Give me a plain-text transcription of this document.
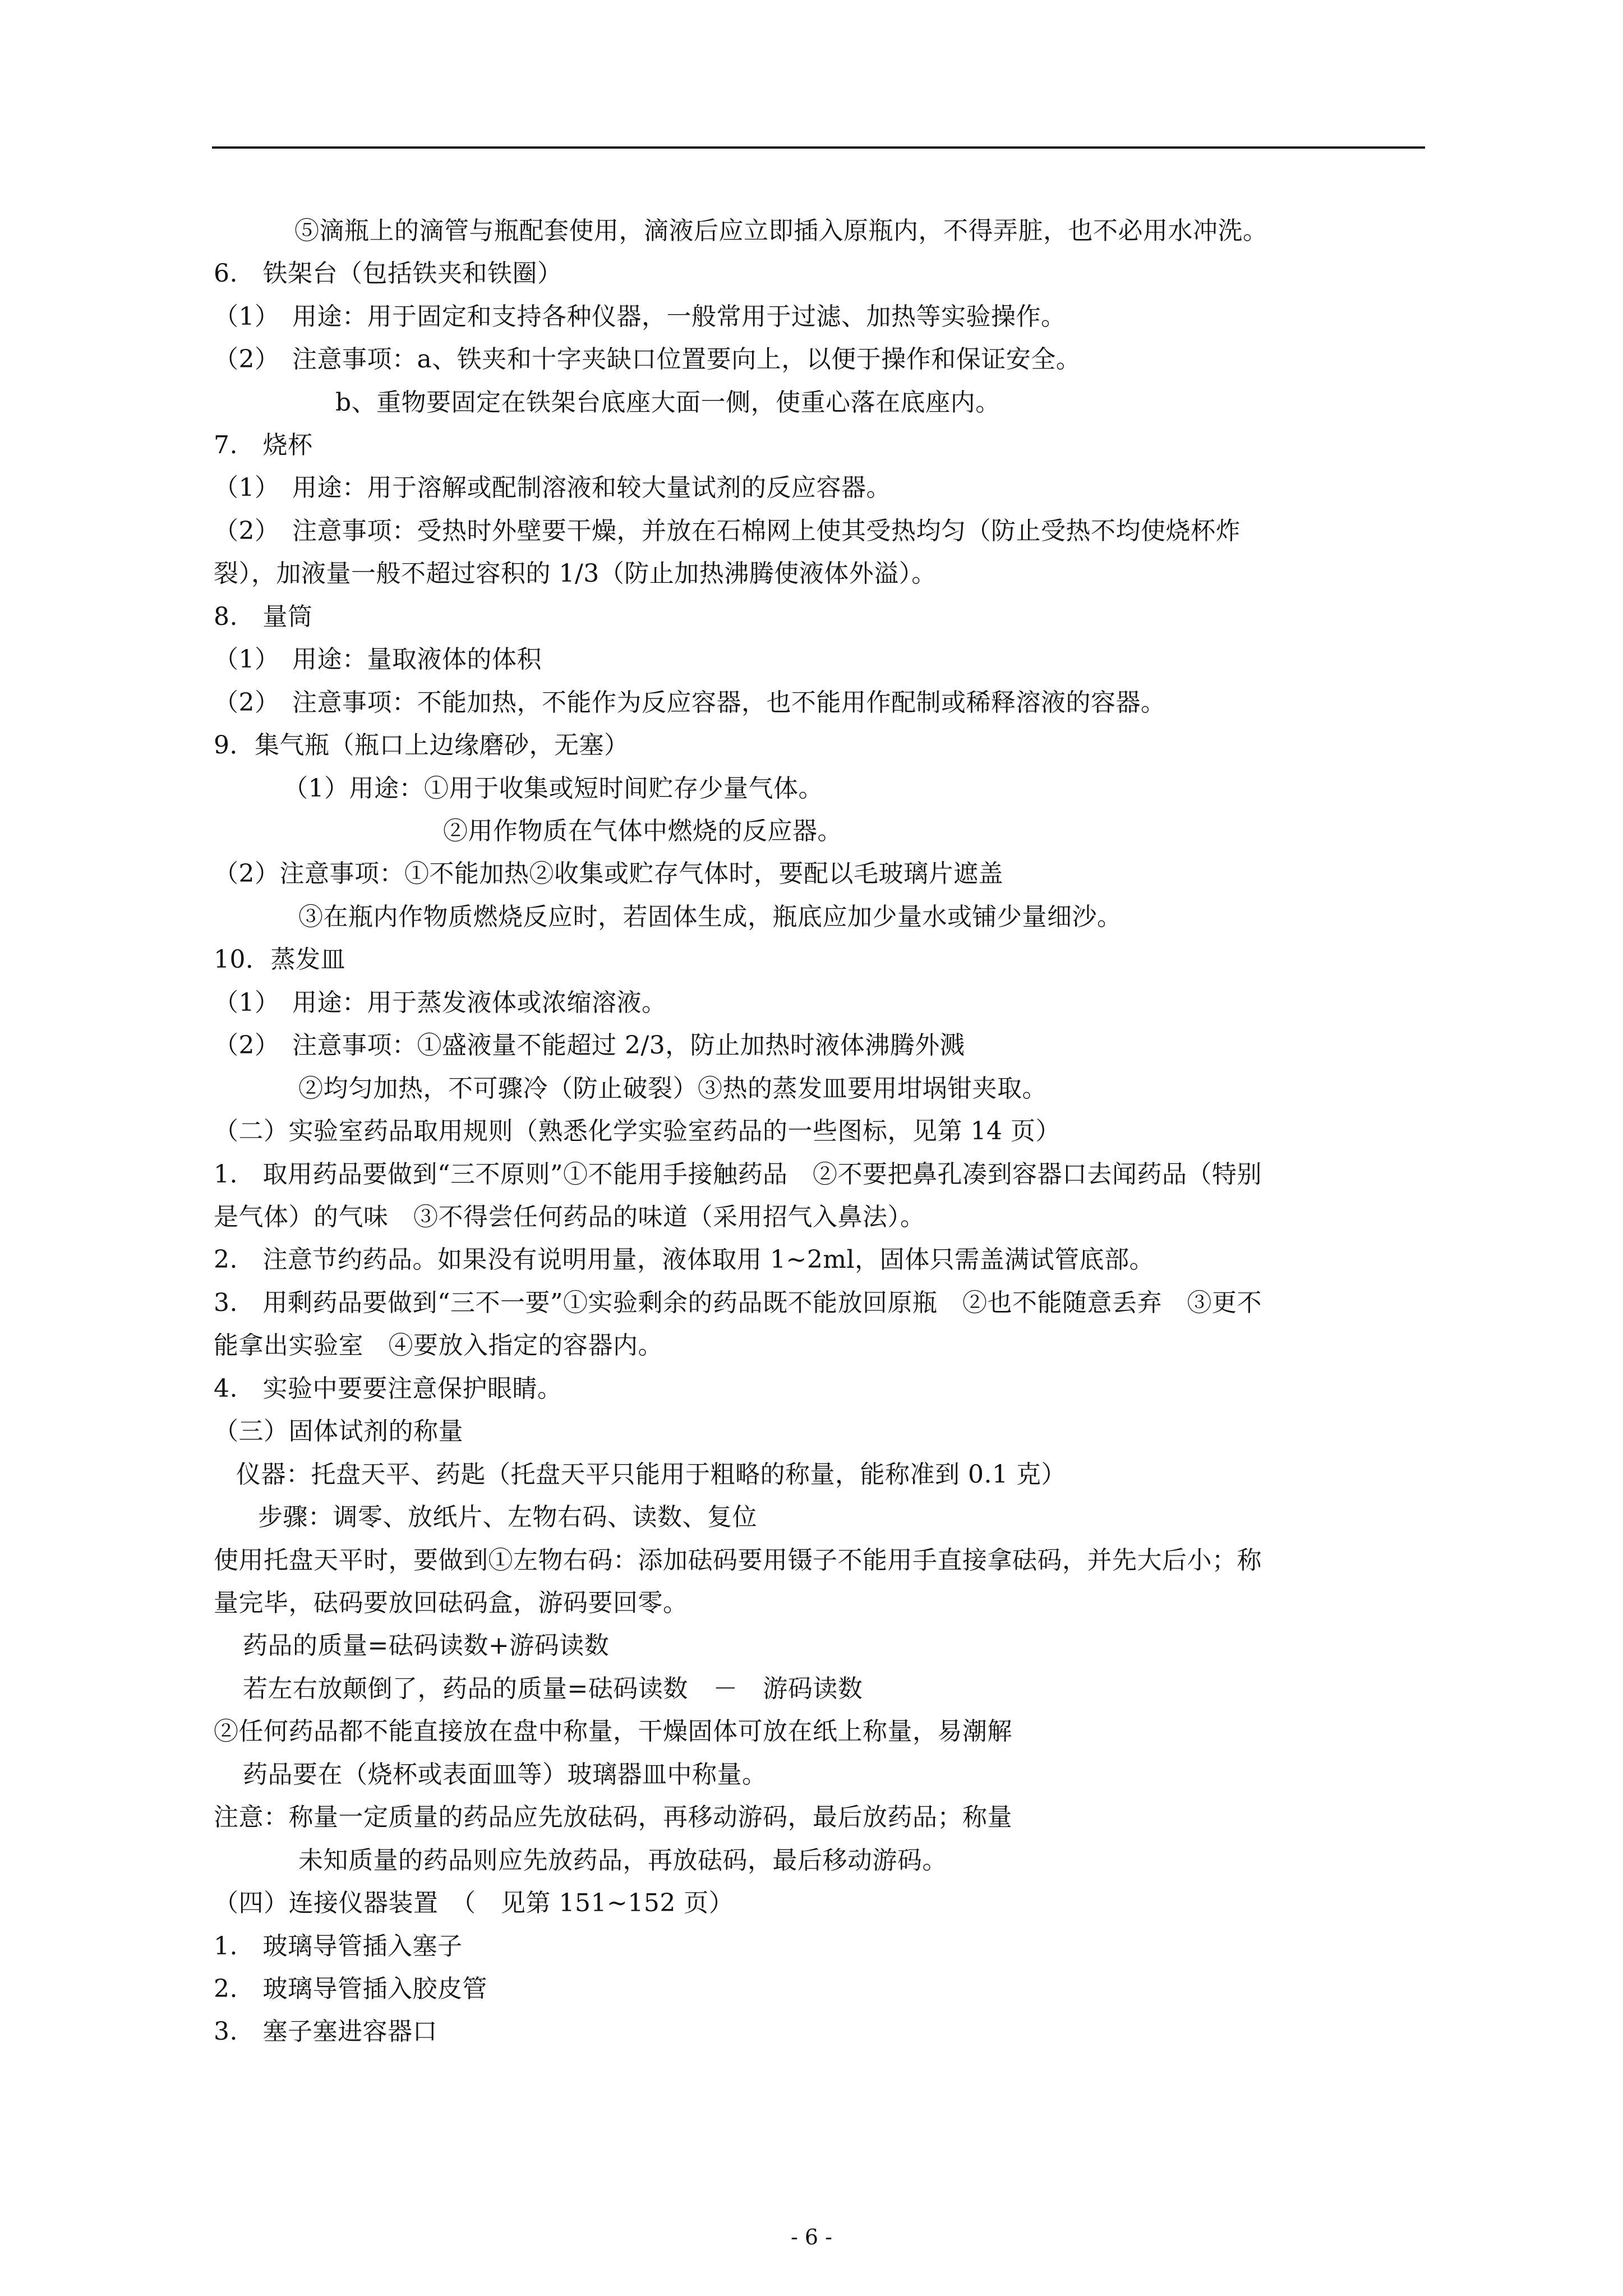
⑤滴瓶上的滴管与瓶配套使用，滴液后应立即插入原瓶内，不得弄脏，也不必用水冲洗。
6.　铁架台（包括铁夹和铁圈）
（1）　用途：用于固定和支持各种仪器，一般常用于过滤、加热等实验操作。
（2）　注意事项：a、铁夹和十字夹缺口位置要向上，以便于操作和保证安全。
b、重物要固定在铁架台底座大面一侧，使重心落在底座内。
7.　烧杯
（1）　用途：用于溶解或配制溶液和较大量试剂的反应容器。
（2）　注意事项：受热时外壁要干燥，并放在石棉网上使其受热均匀（防止受热不均使烧杯炸
裂），加液量一般不超过容积的 1/3（防止加热沸腾使液体外溢）。
8.　量筒
（1）　用途：量取液体的体积
（2）　注意事项：不能加热，不能作为反应容器，也不能用作配制或稀释溶液的容器。
9．集气瓶（瓶口上边缘磨砂，无塞）
（1）用途：①用于收集或短时间贮存少量气体。
②用作物质在气体中燃烧的反应器。
（2）注意事项：①不能加热②收集或贮存气体时，要配以毛玻璃片遮盖
③在瓶内作物质燃烧反应时，若固体生成，瓶底应加少量水或铺少量细沙。
10．蒸发皿
（1）　用途：用于蒸发液体或浓缩溶液。
（2）　注意事项：①盛液量不能超过 2/3，防止加热时液体沸腾外溅
②均匀加热，不可骤冷（防止破裂）③热的蒸发皿要用坩埚钳夹取。
（二）实验室药品取用规则（熟悉化学实验室药品的一些图标，见第 14 页）
1.　取用药品要做到“三不原则”①不能用手接触药品　②不要把鼻孔凑到容器口去闻药品（特别
是气体）的气味　③不得尝任何药品的味道（采用招气入鼻法）。
2.　注意节约药品。如果没有说明用量，液体取用 1~2ml，固体只需盖满试管底部。
3.　用剩药品要做到“三不一要”①实验剩余的药品既不能放回原瓶　②也不能随意丢弃　③更不
能拿出实验室　④要放入指定的容器内。
4.　实验中要要注意保护眼睛。
（三）固体试剂的称量
仪器：托盘天平、药匙（托盘天平只能用于粗略的称量，能称准到 0.1 克）
步骤：调零、放纸片、左物右码、读数、复位
使用托盘天平时，要做到①左物右码：添加砝码要用镊子不能用手直接拿砝码，并先大后小；称
量完毕，砝码要放回砝码盒，游码要回零。
药品的质量=砝码读数+游码读数
若左右放颠倒了，药品的质量=砝码读数　－　游码读数
②任何药品都不能直接放在盘中称量，干燥固体可放在纸上称量，易潮解
药品要在（烧杯或表面皿等）玻璃器皿中称量。
注意：称量一定质量的药品应先放砝码，再移动游码，最后放药品；称量
未知质量的药品则应先放药品，再放砝码，最后移动游码。
（四）连接仪器装置　（　见第 151~152 页）
1.　玻璃导管插入塞子
2.　玻璃导管插入胶皮管
3.　塞子塞进容器口
- 6 -
